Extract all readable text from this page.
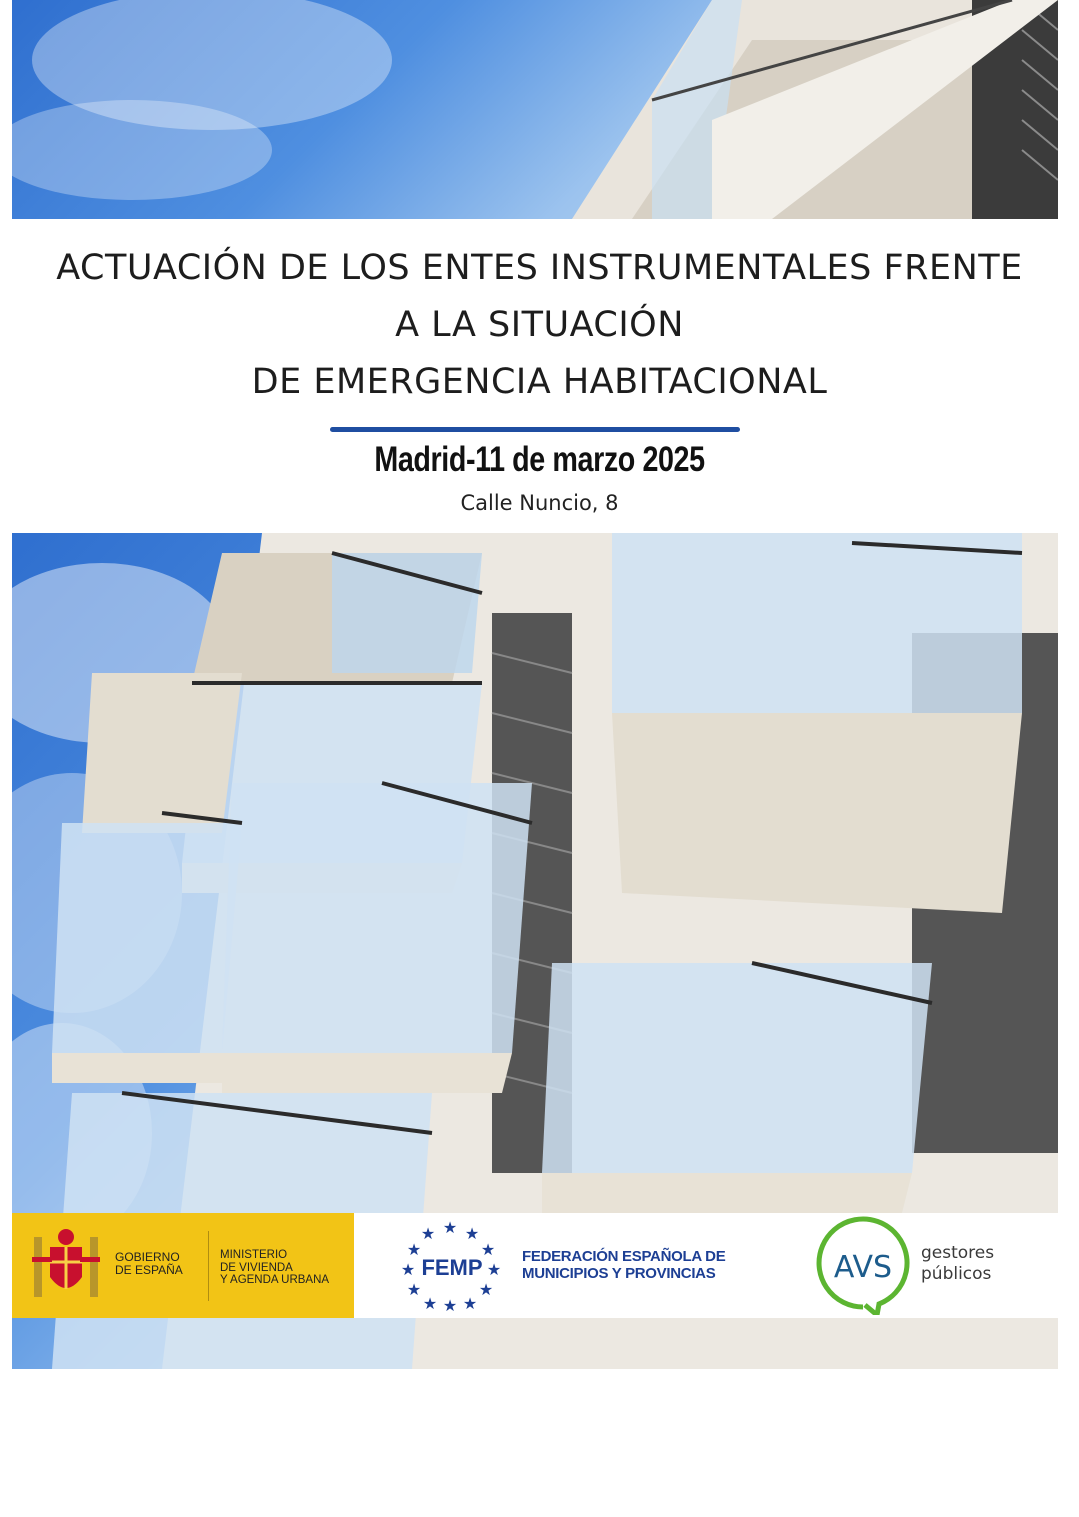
ACTUACIÓN DE LOS ENTES INSTRUMENTALES FRENTE
A LA SITUACIÓN
DE EMERGENCIA HABITACIONAL
Madrid-11 de marzo 2025
Calle Nuncio, 8
GOBIERNO
DE ESPAÑA
MINISTERIO
DE VIVIENDA
Y AGENDA URBANA
★ ★
★
★
★
★
★
★
★
★
★
★
FEMP	FEDERACIÓN ESPAÑOLA DE
MUNICIPIOS Y PROVINCIAS	AVS gestores
públicos
